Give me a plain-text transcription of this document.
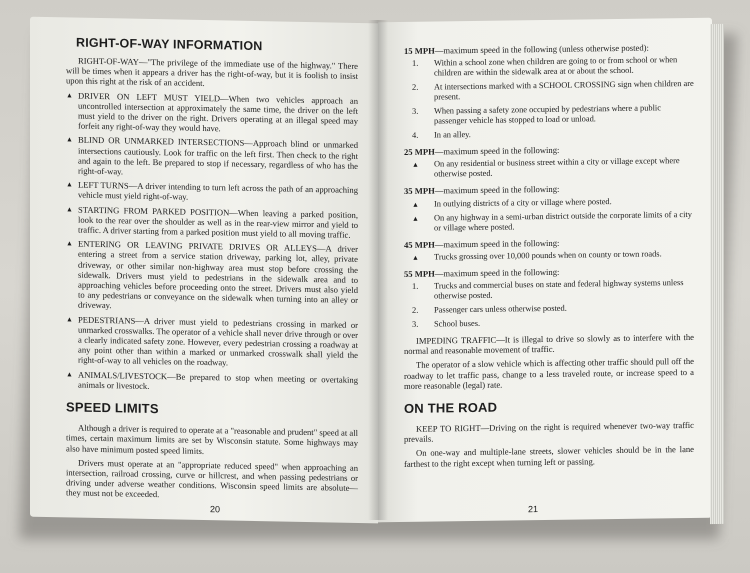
RIGHT-OF-WAY INFORMATION

RIGHT-OF-WAY—"The privilege of the immediate use of the highway." There will be times when it appears a driver has the right-of-way, but it is foolish to insist upon this right at the risk of an accident.

▲ DRIVER ON LEFT MUST YIELD—When two vehicles approach an uncontrolled intersection at approximately the same time, the driver on the left must yield to the driver on the right. Drivers operating at an illegal speed may forfeit any right-of-way they would have.
▲ BLIND OR UNMARKED INTERSECTIONS—Approach blind or unmarked intersections cautiously. Look for traffic on the left first. Then check to the right and again to the left. Be prepared to stop if necessary, regardless of who has the right-of-way.
▲ LEFT TURNS—A driver intending to turn left across the path of an approaching vehicle must yield right-of-way.
▲ STARTING FROM PARKED POSITION—When leaving a parked position, look to the rear over the shoulder as well as in the rear-view mirror and yield to traffic. A driver starting from a parked position must yield to all moving traffic.
▲ ENTERING OR LEAVING PRIVATE DRIVES OR ALLEYS—A driver entering a street from a service station driveway, parking lot, alley, private driveway, or other similar non-highway area must stop before crossing the sidewalk. Drivers must yield to pedestrians in the sidewalk area and to approaching vehicles before proceeding onto the street. Drivers must also yield to any pedestrians or conveyance on the sidewalk when turning into an alley or driveway.
▲ PEDESTRIANS—A driver must yield to pedestrians crossing in marked or unmarked crosswalks. The operator of a vehicle shall never drive through or over a clearly indicated safety zone. However, every pedestrian crossing a roadway at any point other than within a marked or unmarked crosswalk shall yield the right-of-way to all vehicles on the roadway.
▲ ANIMALS/LIVESTOCK—Be prepared to stop when meeting or overtaking animals or livestock.
SPEED LIMITS

Although a driver is required to operate at a "reasonable and prudent" speed at all times, certain maximum limits are set by Wisconsin statute. Some highways may also have minimum posted speed limits.

Drivers must operate at an "appropriate reduced speed" when approaching an intersection, railroad crossing, curve or hillcrest, and when passing pedestrians or driving under adverse weather conditions. Wisconsin speed limits are absolute—they must not be exceeded.

20
15 MPH—maximum speed in the following (unless otherwise posted):
1. Within a school zone when children are going to or from school or when children are within the sidewalk area at or about the school.
2. At intersections marked with a SCHOOL CROSSING sign when children are present.
3. When passing a safety zone occupied by pedestrians where a public passenger vehicle has stopped to load or unload.
4. In an alley.
25 MPH—maximum speed in the following:
▲ On any residential or business street within a city or village except where otherwise posted.
35 MPH—maximum speed in the following:
▲ In outlying districts of a city or village where posted.
▲ On any highway in a semi-urban district outside the corporate limits of a city or village where posted.
45 MPH—maximum speed in the following:
▲ Trucks grossing over 10,000 pounds when on county or town roads.
55 MPH—maximum speed in the following:
1. Trucks and commercial buses on state and federal highway systems unless otherwise posted.
2. Passenger cars unless otherwise posted.
3. School buses.

IMPEDING TRAFFIC—It is illegal to drive so slowly as to interfere with the normal and reasonable movement of traffic.

The operator of a slow vehicle which is affecting other traffic should pull off the roadway to let traffic pass, change to a less traveled route, or increase speed to a more reasonable (legal) rate.

ON THE ROAD

KEEP TO RIGHT—Driving on the right is required whenever two-way traffic prevails.

On one-way and multiple-lane streets, slower vehicles should be in the lane farthest to the right except when turning left or passing.

21
